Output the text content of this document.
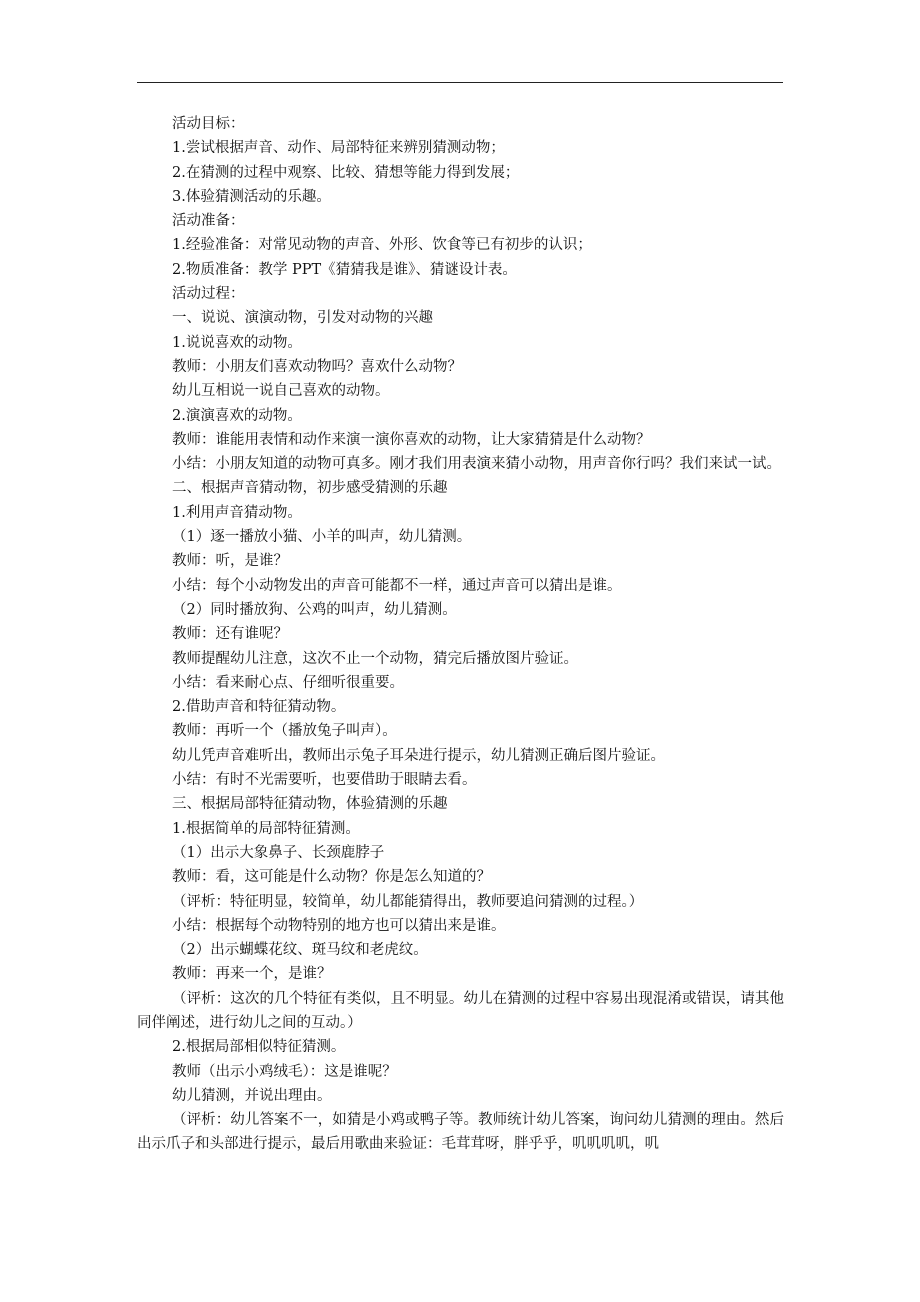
活动目标：
1.尝试根据声音、动作、局部特征来辨别猜测动物；
2.在猜测的过程中观察、比较、猜想等能力得到发展；
3.体验猜测活动的乐趣。
活动准备：
1.经验准备：对常见动物的声音、外形、饮食等已有初步的认识；
2.物质准备：教学 PPT《猜猜我是谁》、猜谜设计表。
活动过程：
一、说说、演演动物，引发对动物的兴趣
1.说说喜欢的动物。
教师：小朋友们喜欢动物吗？喜欢什么动物？
幼儿互相说一说自己喜欢的动物。
2.演演喜欢的动物。
教师：谁能用表情和动作来演一演你喜欢的动物，让大家猜猜是什么动物？
小结：小朋友知道的动物可真多。刚才我们用表演来猜小动物，用声音你行吗？我们来试一试。
二、根据声音猜动物，初步感受猜测的乐趣
1.利用声音猜动物。
（1）逐一播放小猫、小羊的叫声，幼儿猜测。
教师：听，是谁？
小结：每个小动物发出的声音可能都不一样，通过声音可以猜出是谁。
（2）同时播放狗、公鸡的叫声，幼儿猜测。
教师：还有谁呢？
教师提醒幼儿注意，这次不止一个动物，猜完后播放图片验证。
小结：看来耐心点、仔细听很重要。
2.借助声音和特征猜动物。
教师：再听一个（播放兔子叫声）。
幼儿凭声音难听出，教师出示兔子耳朵进行提示，幼儿猜测正确后图片验证。
小结：有时不光需要听，也要借助于眼睛去看。
三、根据局部特征猜动物，体验猜测的乐趣
1.根据简单的局部特征猜测。
（1）出示大象鼻子、长颈鹿脖子
教师：看，这可能是什么动物？你是怎么知道的？
（评析：特征明显，较简单，幼儿都能猜得出，教师要追问猜测的过程。）
小结：根据每个动物特别的地方也可以猜出来是谁。
（2）出示蝴蝶花纹、斑马纹和老虎纹。
教师：再来一个，是谁？
（评析：这次的几个特征有类似，且不明显。幼儿在猜测的过程中容易出现混淆或错误，请其他同伴阐述，进行幼儿之间的互动。）
2.根据局部相似特征猜测。
教师（出示小鸡绒毛）：这是谁呢？
幼儿猜测，并说出理由。
（评析：幼儿答案不一，如猜是小鸡或鸭子等。教师统计幼儿答案，询问幼儿猜测的理由。然后出示爪子和头部进行提示，最后用歌曲来验证：毛茸茸呀，胖乎乎，叽叽叽叽，叽
